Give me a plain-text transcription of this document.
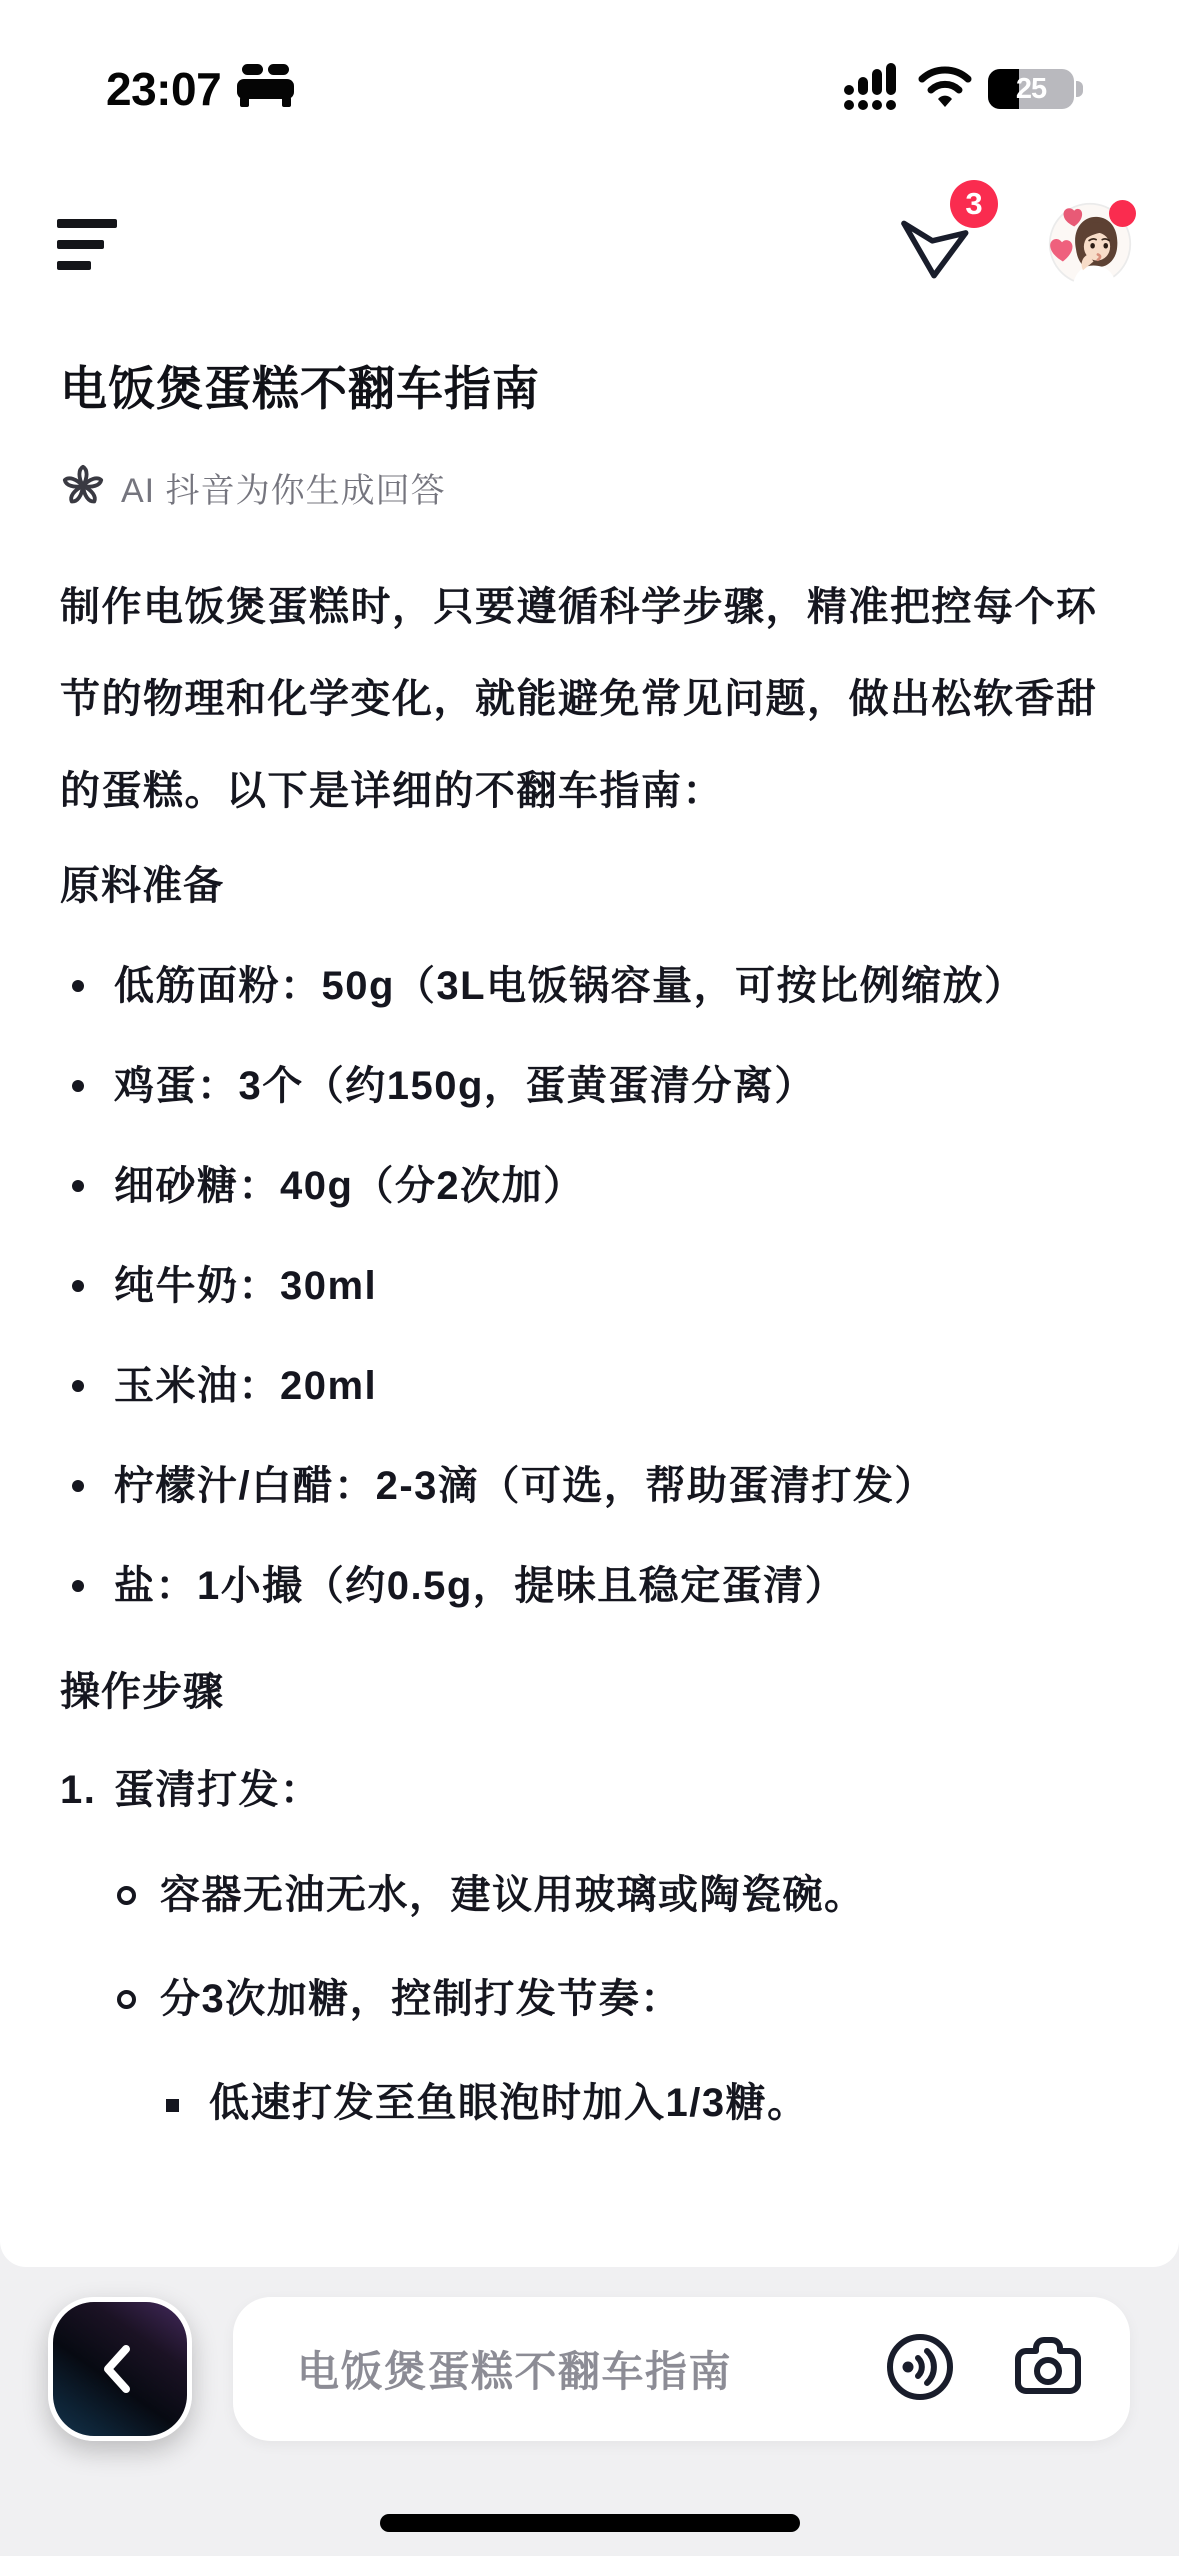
23:07	25
3
电饭煲蛋糕不翻车指南
AI 抖音为你生成回答
制作电饭煲蛋糕时，只要遵循科学步骤，精准把控每个环节的物理和化学变化，就能避免常见问题，做出松软香甜的蛋糕。以下是详细的不翻车指南：
原料准备
低筋面粉：50g（3L电饭锅容量，可按比例缩放）
鸡蛋：3个（约150g，蛋黄蛋清分离）
细砂糖：40g（分2次加）
纯牛奶：30ml
玉米油：20ml
柠檬汁/白醋：2-3滴（可选，帮助蛋清打发）
盐：1小撮（约0.5g，提味且稳定蛋清）
操作步骤
1. 蛋清打发：
容器无油无水，建议用玻璃或陶瓷碗。
分3次加糖，控制打发节奏：
低速打发至鱼眼泡时加入1/3糖。
电饭煲蛋糕不翻车指南
